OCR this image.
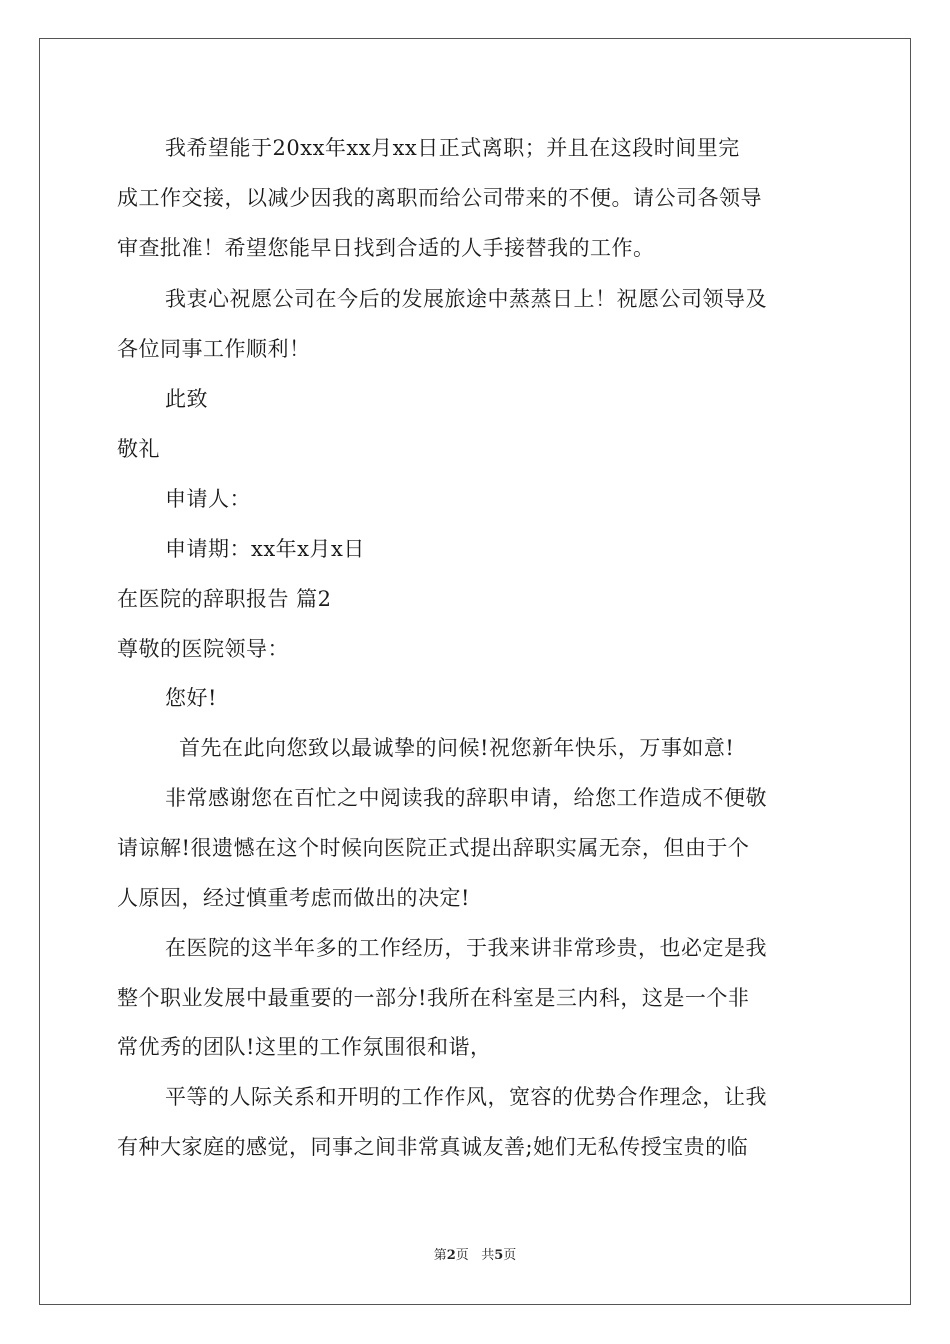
我希望能于20xx年xx月xx日正式离职；并且在这段时间里完
成工作交接，以减少因我的离职而给公司带来的不便。请公司各领导
审查批准！希望您能早日找到合适的人手接替我的工作。
我衷心祝愿公司在今后的发展旅途中蒸蒸日上！祝愿公司领导及
各位同事工作顺利！
此致
敬礼
申请人：
申请期：xx年x月x日
在医院的辞职报告 篇2
尊敬的医院领导：
您好!
首先在此向您致以最诚挚的问候!祝您新年快乐，万事如意!
非常感谢您在百忙之中阅读我的辞职申请，给您工作造成不便敬
请谅解!很遗憾在这个时候向医院正式提出辞职实属无奈，但由于个
人原因，经过慎重考虑而做出的决定!
在医院的这半年多的工作经历，于我来讲非常珍贵，也必定是我
整个职业发展中最重要的一部分!我所在科室是三内科，这是一个非
常优秀的团队!这里的工作氛围很和谐，
平等的人际关系和开明的工作作风，宽容的优势合作理念，让我
有种大家庭的感觉，同事之间非常真诚友善;她们无私传授宝贵的临
第2页 共5页
